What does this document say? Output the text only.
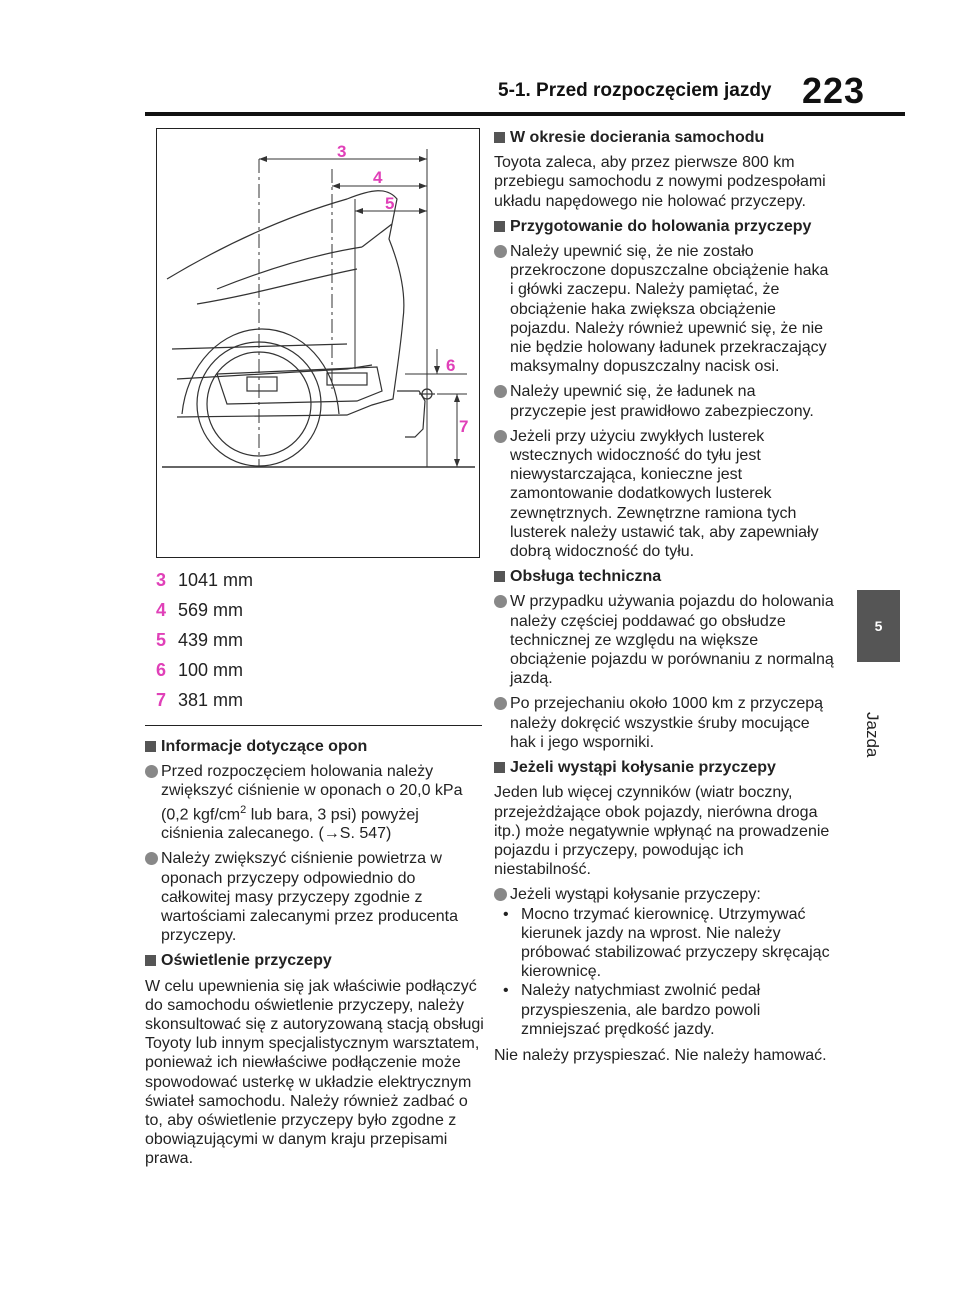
5-1. Przed rozpoczęciem jazdy 223
5
Jazda
3
4
5
6
7
3 1041 mm
4 569 mm
5 439 mm
6 100 mm
7 381 mm
Informacje dotyczące opon
Przed rozpoczęciem holowania należy zwiększyć ciśnienie w oponach o 20,0 kPa (0,2 kgf/$cm^2$ lub bara, 3 psi) powyżej ciśnienia zalecanego. (→S. 547)
Należy zwiększyć ciśnienie powietrza w oponach przyczepy odpowiednio do całkowitej masy przyczepy zgodnie z wartościami zalecanymi przez producenta przyczepy.
Oświetlenie przyczepy
W celu upewnienia się jak właściwie podłączyć do samochodu oświetlenie przyczepy, należy skonsultować się z autoryzowaną stacją obsługi Toyoty lub innym specjalistycznym warsztatem, ponieważ ich niewłaściwe podłączenie może spowodować usterkę w układzie elektrycznym świateł samochodu. Należy również zadbać o to, aby oświetlenie przyczepy było zgodne z obowiązującymi w danym kraju przepisami prawa.
W okresie docierania samochodu
Toyota zaleca, aby przez pierwsze 800 km przebiegu samochodu z nowymi podzespołami układu napędowego nie holować przyczepy.
Przygotowanie do holowania przyczepy
Należy upewnić się, że nie zostało przekroczone dopuszczalne obciążenie haka i główki zaczepu. Należy pamiętać, że obciążenie haka zwiększa obciążenie pojazdu. Należy również upewnić się, że nie nie będzie holowany ładunek przekraczający maksymalny dopuszczalny nacisk osi.
Należy upewnić się, że ładunek na przyczepie jest prawidłowo zabezpieczony.
Jeżeli przy użyciu zwykłych lusterek wstecznych widoczność do tyłu jest niewystarczająca, konieczne jest zamontowanie dodatkowych lusterek zewnętrznych. Zewnętrzne ramiona tych lusterek należy ustawić tak, aby zapewniały dobrą widoczność do tyłu.
Obsługa techniczna
W przypadku używania pojazdu do holowania należy częściej poddawać go obsłudze technicznej ze względu na większe obciążenie pojazdu w porównaniu z normalną jazdą.
Po przejechaniu około 1000 km z przyczepą należy dokręcić wszystkie śruby mocujące hak i jego wsporniki.
Jeżeli wystąpi kołysanie przyczepy
Jeden lub więcej czynników (wiatr boczny, przejeżdżające obok pojazdy, nierówna droga itp.) może negatywnie wpłynąć na prowadzenie pojazdu i przyczepy, powodując ich niestabilność.
Jeżeli wystąpi kołysanie przyczepy:
• Mocno trzymać kierownicę. Utrzymywać kierunek jazdy na wprost. Nie należy próbować stabilizować przyczepy skręcając kierownicę.
• Należy natychmiast zwolnić pedał przyspieszenia, ale bardzo powoli zmniejszać prędkość jazdy.
Nie należy przyspieszać. Nie należy hamować.
